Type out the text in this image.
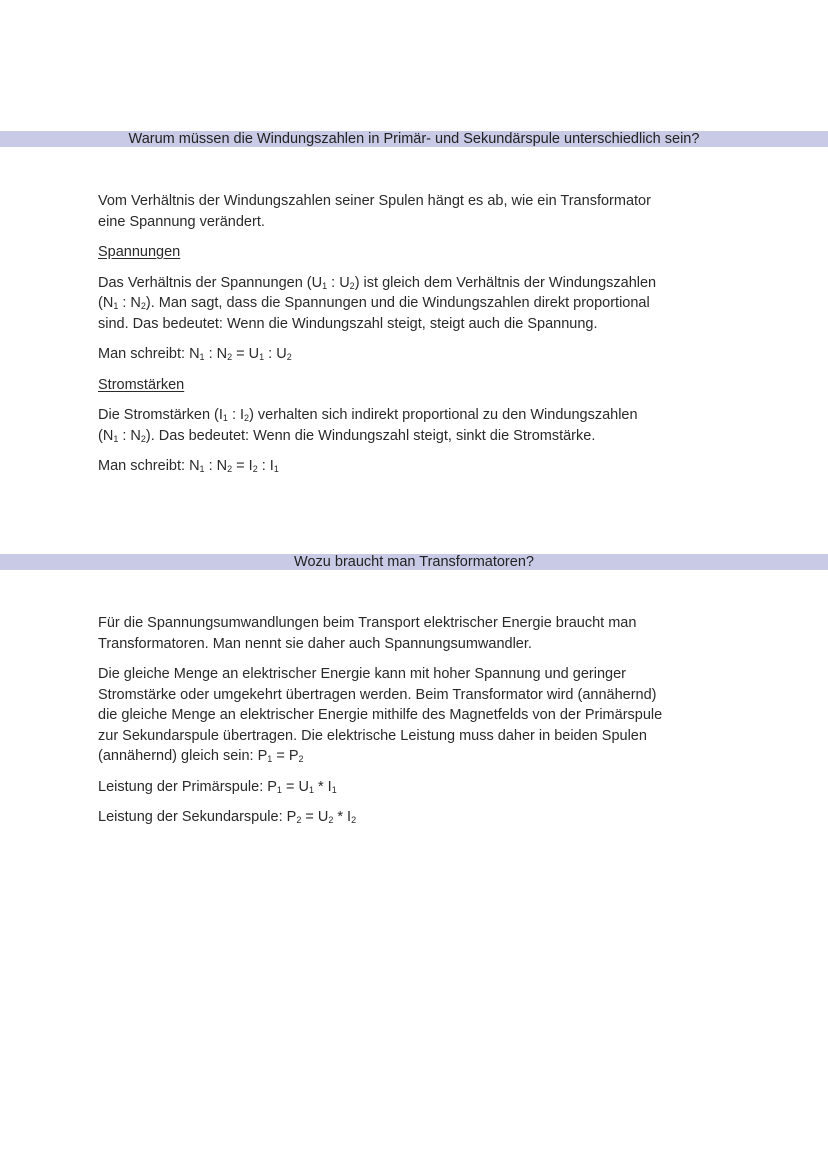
Warum müssen die Windungszahlen in Primär- und Sekundärspule unterschiedlich sein?

Vom Verhältnis der Windungszahlen seiner Spulen hängt es ab, wie ein Transformator
eine Spannung verändert.

Spannungen

Das Verhältnis der Spannungen ($U_1$ : $U_2$) ist gleich dem Verhältnis der Windungszahlen
($N_1$ : $N_2$). Man sagt, dass die Spannungen und die Windungszahlen direkt proportional
sind. Das bedeutet: Wenn die Windungszahl steigt, steigt auch die Spannung.

Man schreibt: $N_1$ : $N_2 = U_1$ : $U_2$

Stromstärken

Die Stromstärken ($I_1$ : $I_2$) verhalten sich indirekt proportional zu den Windungszahlen
($N_1$ : $N_2$). Das bedeutet: Wenn die Windungszahl steigt, sinkt die Stromstärke.

Man schreibt: $N_1$ : $N_2 = I_2$ : $I_1$

Wozu braucht man Transformatoren?

Für die Spannungsumwandlungen beim Transport elektrischer Energie braucht man
Transformatoren. Man nennt sie daher auch Spannungsumwandler.

Die gleiche Menge an elektrischer Energie kann mit hoher Spannung und geringer
Stromstärke oder umgekehrt übertragen werden. Beim Transformator wird (annähernd)
die gleiche Menge an elektrischer Energie mithilfe des Magnetfelds von der Primärspule
zur Sekundarspule übertragen. Die elektrische Leistung muss daher in beiden Spulen
(annähernd) gleich sein: $P_1 = P_2$

Leistung der Primärspule: $P_1 = U_1 * I_1$

Leistung der Sekundarspule: $P_2 = U_2 * I_2$
